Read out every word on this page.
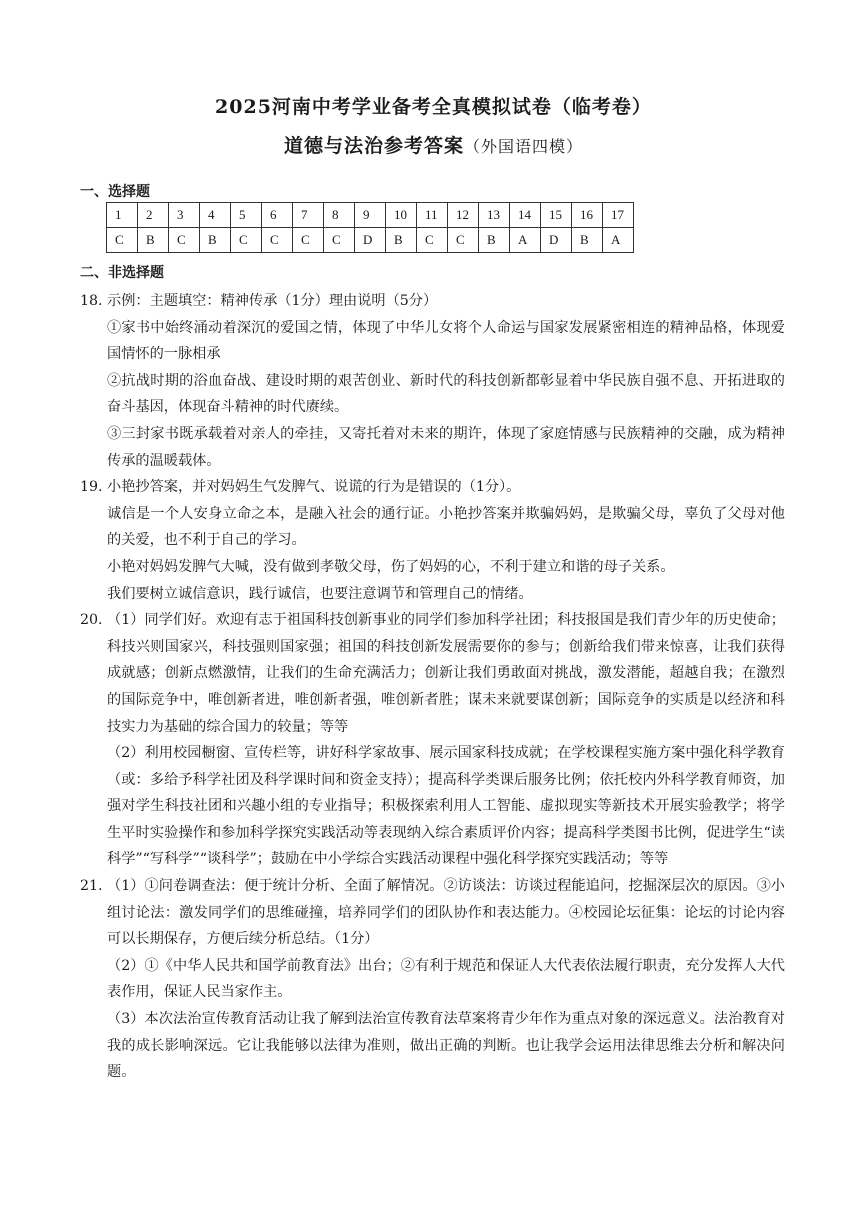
2025河南中考学业备考全真模拟试卷（临考卷）
道德与法治参考答案（外国语四模）
一、选择题
1	2	3	4	5	6	7	8	9	10	11	12	13	14	15	16	17
C	B	C	B	C	C	C	C	D	B	C	C	B	A	D	B	A
二、非选择题
18. 示例：主题填空：精神传承（1分）理由说明（5分）

①家书中始终涌动着深沉的爱国之情，体现了中华儿女将个人命运与国家发展紧密相连的精神品格，体现爱国情怀的一脉相承

②抗战时期的浴血奋战、建设时期的艰苦创业、新时代的科技创新都彰显着中华民族自强不息、开拓进取的奋斗基因，体现奋斗精神的时代赓续。

③三封家书既承载着对亲人的牵挂，又寄托着对未来的期许，体现了家庭情感与民族精神的交融，成为精神传承的温暖载体。

19. 小艳抄答案，并对妈妈生气发脾气、说谎的行为是错误的（1分）。

诚信是一个人安身立命之本，是融入社会的通行证。小艳抄答案并欺骗妈妈，是欺骗父母，辜负了父母对他的关爱，也不利于自己的学习。

小艳对妈妈发脾气大喊，没有做到孝敬父母，伤了妈妈的心，不利于建立和谐的母子关系。

我们要树立诚信意识，践行诚信，也要注意调节和管理自己的情绪。

20. （1）同学们好。欢迎有志于祖国科技创新事业的同学们参加科学社团；科技报国是我们青少年的历史使命；科技兴则国家兴，科技强则国家强；祖国的科技创新发展需要你的参与；创新给我们带来惊喜，让我们获得成就感；创新点燃激情，让我们的生命充满活力；创新让我们勇敢面对挑战，激发潜能，超越自我；在激烈的国际竞争中，唯创新者进，唯创新者强，唯创新者胜；谋未来就要谋创新；国际竞争的实质是以经济和科技实力为基础的综合国力的较量；等等

（2）利用校园橱窗、宣传栏等，讲好科学家故事、展示国家科技成就；在学校课程实施方案中强化科学教育（或：多给予科学社团及科学课时间和资金支持）；提高科学类课后服务比例；依托校内外科学教育师资，加强对学生科技社团和兴趣小组的专业指导；积极探索利用人工智能、虚拟现实等新技术开展实验教学；将学生平时实验操作和参加科学探究实践活动等表现纳入综合素质评价内容；提高科学类图书比例，促进学生“读科学”“写科学”“谈科学”；鼓励在中小学综合实践活动课程中强化科学探究实践活动；等等

21. （1）①问卷调查法：便于统计分析、全面了解情况。②访谈法：访谈过程能追问，挖掘深层次的原因。③小组讨论法：激发同学们的思维碰撞，培养同学们的团队协作和表达能力。④校园论坛征集：论坛的讨论内容可以长期保存，方便后续分析总结。（1分）

（2）①《中华人民共和国学前教育法》出台；②有利于规范和保证人大代表依法履行职责，充分发挥人大代表作用，保证人民当家作主。

（3）本次法治宣传教育活动让我了解到法治宣传教育法草案将青少年作为重点对象的深远意义。法治教育对我的成长影响深远。它让我能够以法律为准则，做出正确的判断。也让我学会运用法律思维去分析和解决问题。
